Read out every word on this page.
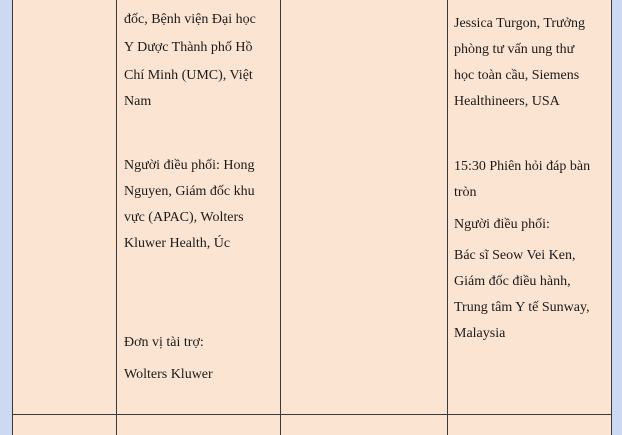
đốc, Bệnh viện Đại học
Y Dược Thành phố Hồ
Chí Minh (UMC), Việt
Nam
Người điều phối: Hong
Nguyen, Giám đốc khu
vực (APAC), Wolters
Kluwer Health, Úc
Đơn vị tài trợ:
Wolters Kluwer
Jessica Turgon, Trưởng
phòng tư vấn ung thư
học toàn cầu, Siemens
Healthineers, USA
15:30 Phiên hỏi đáp bàn
tròn
Người điều phối:
Bác sĩ Seow Vei Ken,
Giám đốc điều hành,
Trung tâm Y tế Sunway,
Malaysia
